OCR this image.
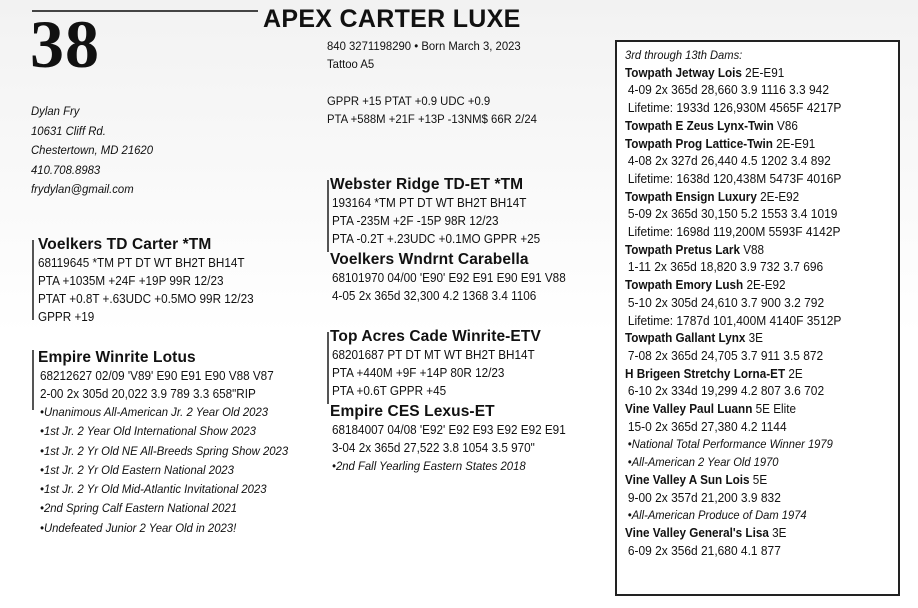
38	APEX CARTER LUXE
840 3271198290 • Born March 3, 2023
Tattoo A5
GPPR +15 PTAT +0.9 UDC +0.9
PTA +588M +21F +13P -13NM$ 66R 2/24
Dylan Fry
10631 Cliff Rd.
Chestertown, MD 21620
410.708.8983
frydylan@gmail.com
Voelkers TD Carter *TM
68119645 *TM PT DT WT BH2T BH14T
PTA +1035M +24F +19P 99R 12/23
PTAT +0.8T +.63UDC +0.5MO 99R 12/23
GPPR +19
Empire Winrite Lotus
68212627 02/09 'V89' E90 E91 E90 V88 V87
2-00 2x 305d 20,022 3.9 789 3.3 658"RIP
•Unanimous All-American Jr. 2 Year Old 2023
•1st Jr. 2 Year Old International Show 2023
•1st Jr. 2 Yr Old NE All-Breeds Spring Show 2023
•1st Jr. 2 Yr Old Eastern National 2023
•1st Jr. 2 Yr Old Mid-Atlantic Invitational 2023
•2nd Spring Calf Eastern National 2021
•Undefeated Junior 2 Year Old in 2023!
Webster Ridge TD-ET *TM
193164 *TM PT DT WT BH2T BH14T
PTA -235M +2F -15P 98R 12/23
PTA -0.2T +.23UDC +0.1MO GPPR +25
Voelkers Wndrnt Carabella
68101970 04/00 'E90' E92 E91 E90 E91 V88
4-05 2x 365d 32,300 4.2 1368 3.4 1106
Top Acres Cade Winrite-ETV
68201687 PT DT MT WT BH2T BH14T
PTA +440M +9F +14P 80R 12/23
PTA +0.6T GPPR +45
Empire CES Lexus-ET
68184007 04/08 'E92' E92 E93 E92 E92 E91
3-04 2x 365d 27,522 3.8 1054 3.5 970"
•2nd Fall Yearling Eastern States 2018
3rd through 13th Dams:
Towpath Jetway Lois 2E-E91
4-09 2x 365d 28,660 3.9 1116 3.3 942
Lifetime: 1933d 126,930M 4565F 4217P
Towpath E Zeus Lynx-Twin V86
Towpath Prog Lattice-Twin 2E-E91
4-08 2x 327d 26,440 4.5 1202 3.4 892
Lifetime: 1638d 120,438M 5473F 4016P
Towpath Ensign Luxury 2E-E92
5-09 2x 365d 30,150 5.2 1553 3.4 1019
Lifetime: 1698d 119,200M 5593F 4142P
Towpath Pretus Lark V88
1-11 2x 365d 18,820 3.9 732 3.7 696
Towpath Emory Lush 2E-E92
5-10 2x 305d 24,610 3.7 900 3.2 792
Lifetime: 1787d 101,400M 4140F 3512P
Towpath Gallant Lynx 3E
7-08 2x 365d 24,705 3.7 911 3.5 872
H Brigeen Stretchy Lorna-ET 2E
6-10 2x 334d 19,299 4.2 807 3.6 702
Vine Valley Paul Luann 5E Elite
15-0 2x 365d 27,380 4.2 1144
•National Total Performance Winner 1979
•All-American 2 Year Old 1970
Vine Valley A Sun Lois 5E
9-00 2x 357d 21,200 3.9 832
•All-American Produce of Dam 1974
Vine Valley General's Lisa 3E
6-09 2x 356d 21,680 4.1 877
